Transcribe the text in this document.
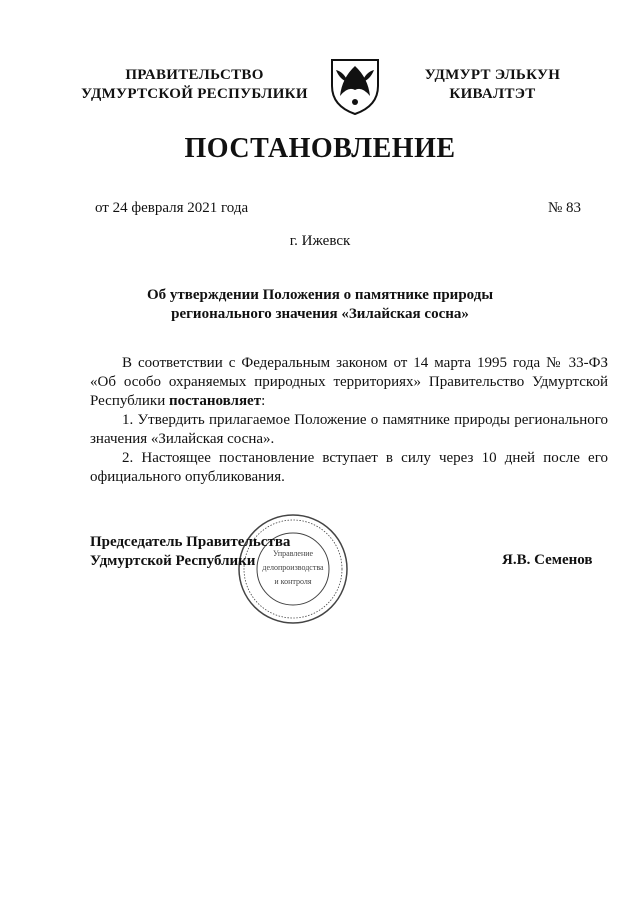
ПРАВИТЕЛЬСТВО
УДМУРТСКОЙ РЕСПУБЛИКИ
УДМУРТ ЭЛЬКУН
КИВАЛТЭТ
ПОСТАНОВЛЕНИЕ
от 24 февраля 2021 года	№ 83
г. Ижевск
Об утверждении Положения о памятнике природы
регионального значения «Зилайская сосна»

В соответствии с Федеральным законом от 14 марта 1995 года № 33-ФЗ «Об особо охраняемых природных территориях» Правительство Удмуртской Республики постановляет:

1. Утвердить прилагаемое Положение о памятнике природы регионального значения «Зилайская сосна».

2. Настоящее постановление вступает в силу через 10 дней после его официального опубликования.

Управление
делопроизводства
и контроля
Председатель Правительства
Удмуртской Республики	Я.В. Семенов
